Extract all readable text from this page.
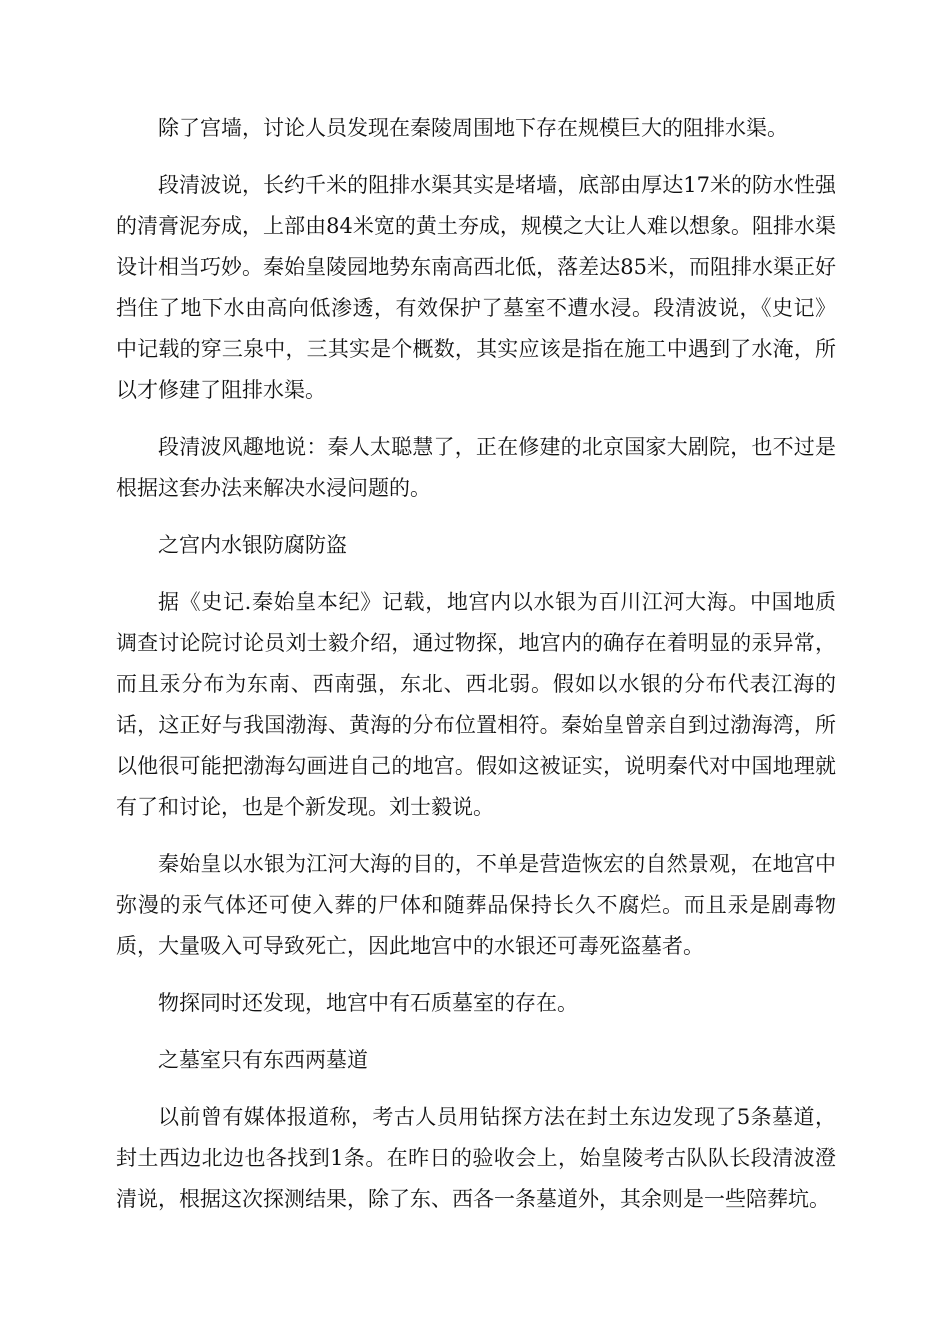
除了宫墙，讨论人员发现在秦陵周围地下存在规模巨大的阻排水渠。

段清波说，长约千米的阻排水渠其实是堵墙，底部由厚达17米的防水性强的清膏泥夯成，上部由84米宽的黄土夯成，规模之大让人难以想象。阻排水渠设计相当巧妙。秦始皇陵园地势东南高西北低，落差达85米，而阻排水渠正好挡住了地下水由高向低渗透，有效保护了墓室不遭水浸。段清波说，《史记》中记载的穿三泉中，三其实是个概数，其实应该是指在施工中遇到了水淹，所以才修建了阻排水渠。

段清波风趣地说：秦人太聪慧了，正在修建的北京国家大剧院，也不过是根据这套办法来解决水浸问题的。

之宫内水银防腐防盗

据《史记.秦始皇本纪》记载，地宫内以水银为百川江河大海。中国地质调查讨论院讨论员刘士毅介绍，通过物探，地宫内的确存在着明显的汞异常，而且汞分布为东南、西南强，东北、西北弱。假如以水银的分布代表江海的话，这正好与我国渤海、黄海的分布位置相符。秦始皇曾亲自到过渤海湾，所以他很可能把渤海勾画进自己的地宫。假如这被证实，说明秦代对中国地理就有了和讨论，也是个新发现。刘士毅说。

秦始皇以水银为江河大海的目的，不单是营造恢宏的自然景观，在地宫中弥漫的汞气体还可使入葬的尸体和随葬品保持长久不腐烂。而且汞是剧毒物质，大量吸入可导致死亡，因此地宫中的水银还可毒死盗墓者。

物探同时还发现，地宫中有石质墓室的存在。

之墓室只有东西两墓道

以前曾有媒体报道称，考古人员用钻探方法在封土东边发现了5条墓道，封土西边北边也各找到1条。在昨日的验收会上，始皇陵考古队队长段清波澄清说，根据这次探测结果，除了东、西各一条墓道外，其余则是一些陪葬坑。
